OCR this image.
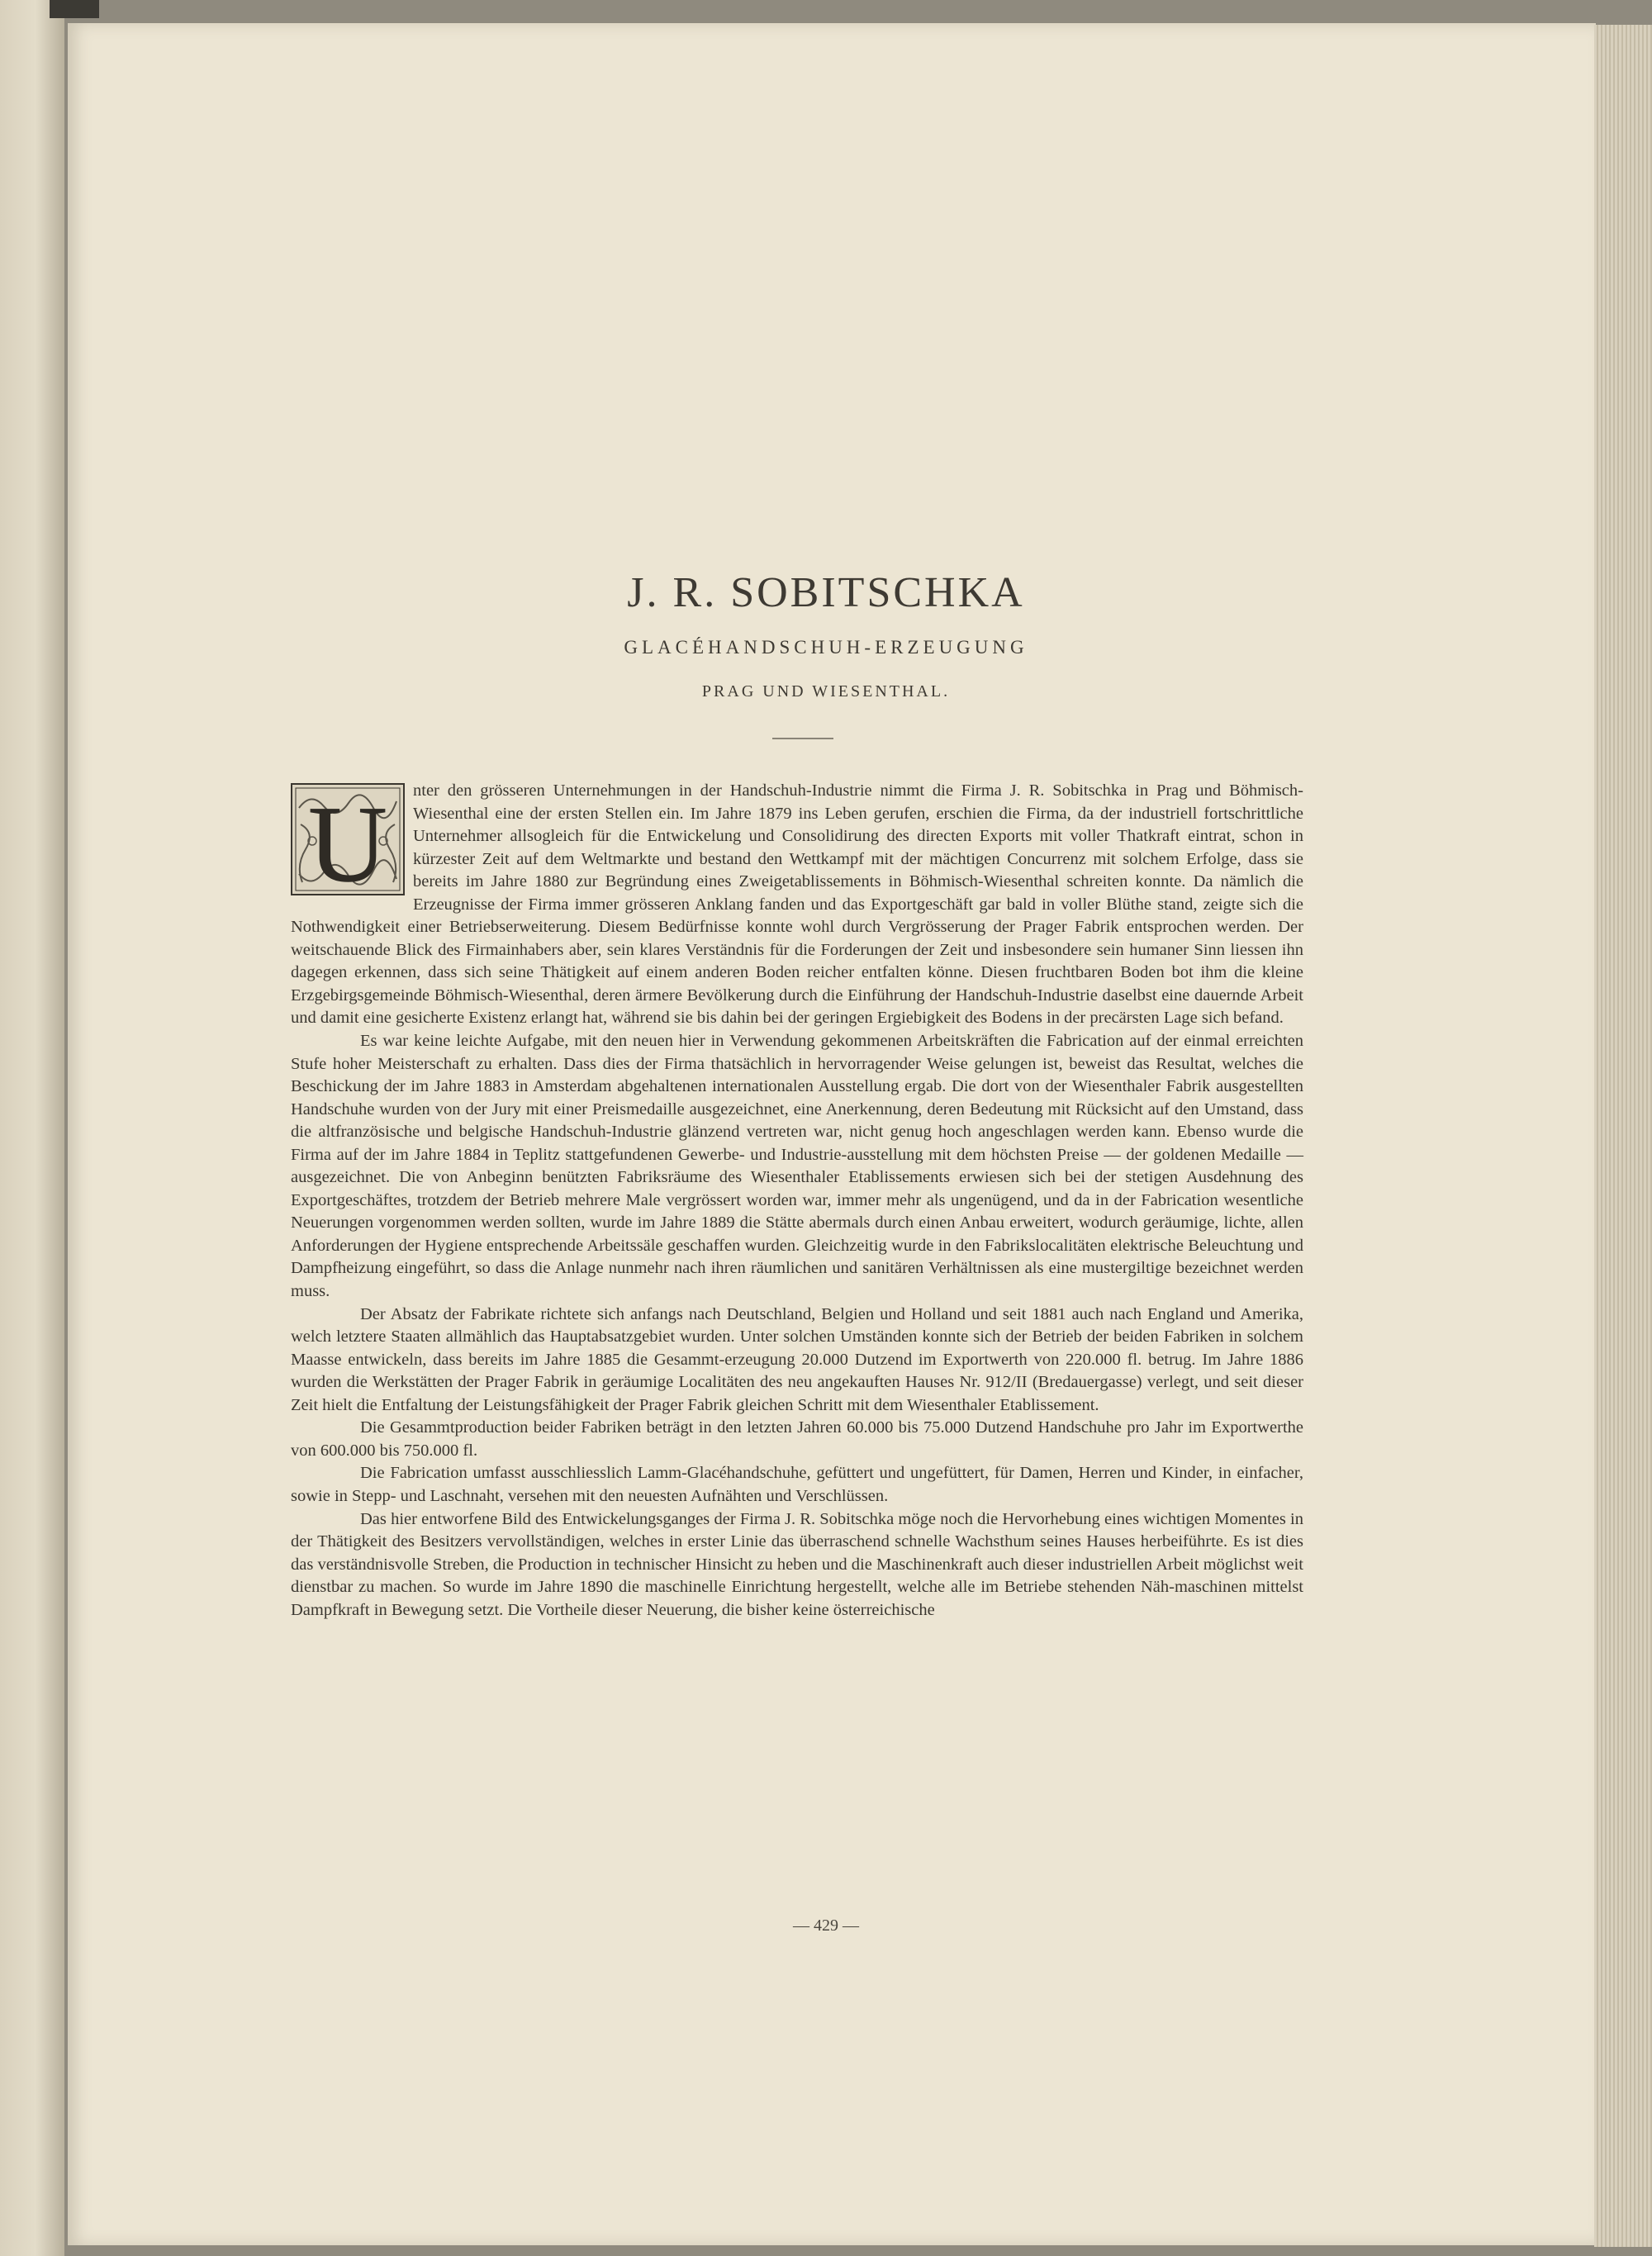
J. R. SOBITSCHKA
GLACÉHANDSCHUH-ERZEUGUNG
PRAG UND WIESENTHAL.

U nter den grösseren Unternehmungen in der Handschuh-Industrie nimmt die Firma J. R. Sobitschka in Prag und Böhmisch-Wiesenthal eine der ersten Stellen ein. Im Jahre 1879 ins Leben gerufen, erschien die Firma, da der industriell fortschrittliche Unternehmer allsogleich für die Entwickelung und Consolidirung des directen Exports mit voller Thatkraft eintrat, schon in kürzester Zeit auf dem Weltmarkte und bestand den Wettkampf mit der mächtigen Concurrenz mit solchem Erfolge, dass sie bereits im Jahre 1880 zur Begründung eines Zweigetablissements in Böhmisch-Wiesenthal schreiten konnte. Da nämlich die Erzeugnisse der Firma immer grösseren Anklang fanden und das Exportgeschäft gar bald in voller Blüthe stand, zeigte sich die Nothwendigkeit einer Betriebserweiterung. Diesem Bedürfnisse konnte wohl durch Vergrösserung der Prager Fabrik entsprochen werden. Der weitschauende Blick des Firmainhabers aber, sein klares Verständnis für die Forderungen der Zeit und insbesondere sein humaner Sinn liessen ihn dagegen erkennen, dass sich seine Thätigkeit auf einem anderen Boden reicher entfalten könne. Diesen fruchtbaren Boden bot ihm die kleine Erzgebirgsgemeinde Böhmisch-Wiesenthal, deren ärmere Bevölkerung durch die Einführung der Handschuh-Industrie daselbst eine dauernde Arbeit und damit eine gesicherte Existenz erlangt hat, während sie bis dahin bei der geringen Ergiebigkeit des Bodens in der precärsten Lage sich befand.

Es war keine leichte Aufgabe, mit den neuen hier in Verwendung gekommenen Arbeitskräften die Fabrication auf der einmal erreichten Stufe hoher Meisterschaft zu erhalten. Dass dies der Firma thatsächlich in hervorragender Weise gelungen ist, beweist das Resultat, welches die Beschickung der im Jahre 1883 in Amsterdam abgehaltenen internationalen Ausstellung ergab. Die dort von der Wiesenthaler Fabrik ausgestellten Handschuhe wurden von der Jury mit einer Preismedaille ausgezeichnet, eine Anerkennung, deren Bedeutung mit Rücksicht auf den Umstand, dass die altfranzösische und belgische Handschuh-Industrie glänzend vertreten war, nicht genug hoch angeschlagen werden kann. Ebenso wurde die Firma auf der im Jahre 1884 in Teplitz stattgefundenen Gewerbe- und Industrie-ausstellung mit dem höchsten Preise — der goldenen Medaille — ausgezeichnet. Die von Anbeginn benützten Fabriksräume des Wiesenthaler Etablissements erwiesen sich bei der stetigen Ausdehnung des Exportgeschäftes, trotzdem der Betrieb mehrere Male vergrössert worden war, immer mehr als ungenügend, und da in der Fabrication wesentliche Neuerungen vorgenommen werden sollten, wurde im Jahre 1889 die Stätte abermals durch einen Anbau erweitert, wodurch geräumige, lichte, allen Anforderungen der Hygiene entsprechende Arbeitssäle geschaffen wurden. Gleichzeitig wurde in den Fabrikslocalitäten elektrische Beleuchtung und Dampfheizung eingeführt, so dass die Anlage nunmehr nach ihren räumlichen und sanitären Verhältnissen als eine mustergiltige bezeichnet werden muss.

Der Absatz der Fabrikate richtete sich anfangs nach Deutschland, Belgien und Holland und seit 1881 auch nach England und Amerika, welch letztere Staaten allmählich das Hauptabsatzgebiet wurden. Unter solchen Umständen konnte sich der Betrieb der beiden Fabriken in solchem Maasse entwickeln, dass bereits im Jahre 1885 die Gesammt-erzeugung 20.000 Dutzend im Exportwerth von 220.000 fl. betrug. Im Jahre 1886 wurden die Werkstätten der Prager Fabrik in geräumige Localitäten des neu angekauften Hauses Nr. 912/II (Bredauergasse) verlegt, und seit dieser Zeit hielt die Entfaltung der Leistungsfähigkeit der Prager Fabrik gleichen Schritt mit dem Wiesenthaler Etablissement.

Die Gesammtproduction beider Fabriken beträgt in den letzten Jahren 60.000 bis 75.000 Dutzend Handschuhe pro Jahr im Exportwerthe von 600.000 bis 750.000 fl.

Die Fabrication umfasst ausschliesslich Lamm-Glacéhandschuhe, gefüttert und ungefüttert, für Damen, Herren und Kinder, in einfacher, sowie in Stepp- und Laschnaht, versehen mit den neuesten Aufnähten und Verschlüssen.

Das hier entworfene Bild des Entwickelungsganges der Firma J. R. Sobitschka möge noch die Hervorhebung eines wichtigen Momentes in der Thätigkeit des Besitzers vervollständigen, welches in erster Linie das überraschend schnelle Wachsthum seines Hauses herbeiführte. Es ist dies das verständnisvolle Streben, die Production in technischer Hinsicht zu heben und die Maschinenkraft auch dieser industriellen Arbeit möglichst weit dienstbar zu machen. So wurde im Jahre 1890 die maschinelle Einrichtung hergestellt, welche alle im Betriebe stehenden Näh-maschinen mittelst Dampfkraft in Bewegung setzt. Die Vortheile dieser Neuerung, die bisher keine österreichische

— 429 —
